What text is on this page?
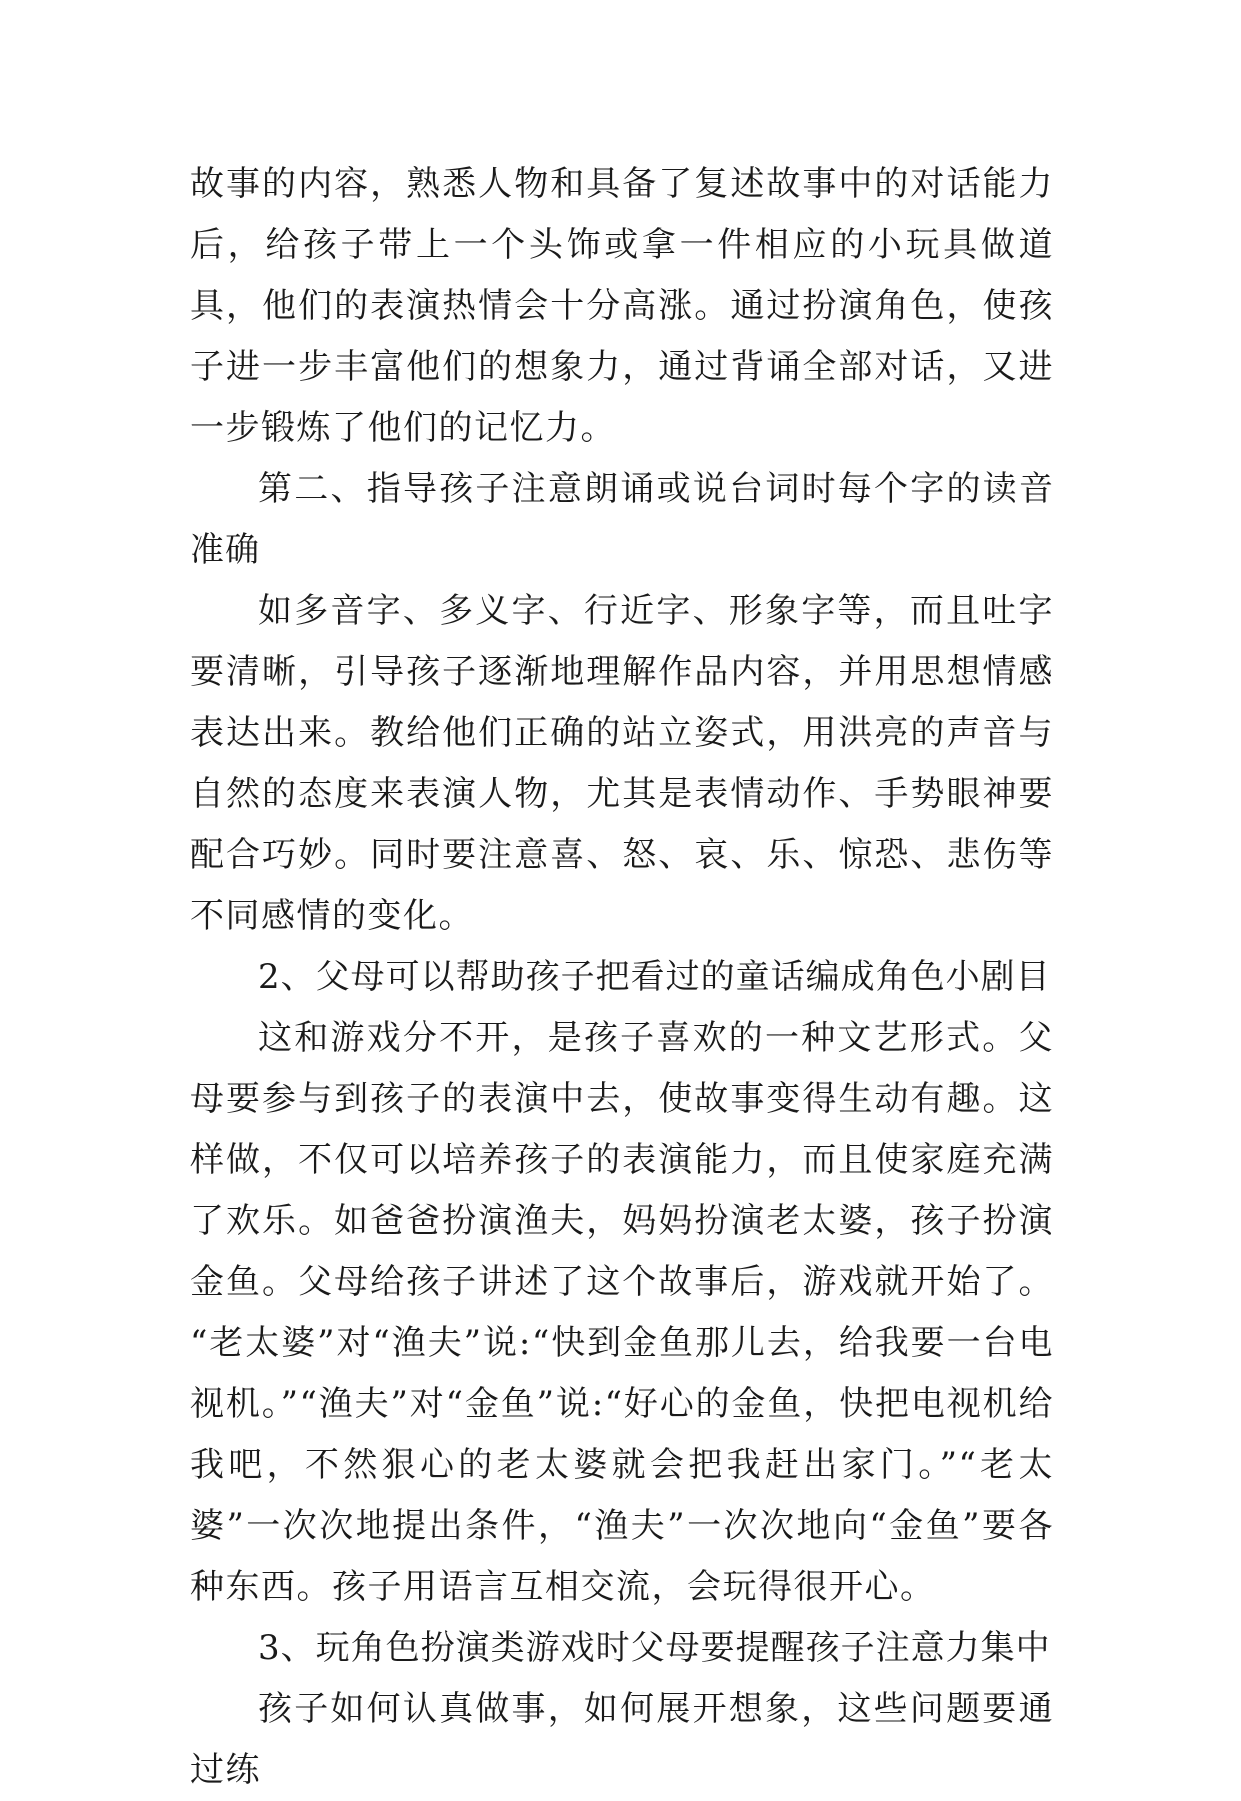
故事的内容，熟悉人物和具备了复述故事中的对话能力后，给孩子带上一个头饰或拿一件相应的小玩具做道具，他们的表演热情会十分高涨。通过扮演角色，使孩子进一步丰富他们的想象力，通过背诵全部对话，又进一步锻炼了他们的记忆力。

第二、指导孩子注意朗诵或说台词时每个字的读音准确

如多音字、多义字、行近字、形象字等，而且吐字要清晰，引导孩子逐渐地理解作品内容，并用思想情感表达出来。教给他们正确的站立姿式，用洪亮的声音与自然的态度来表演人物，尤其是表情动作、手势眼神要配合巧妙。同时要注意喜、怒、哀、乐、惊恐、悲伤等不同感情的变化。

2、父母可以帮助孩子把看过的童话编成角色小剧目

这和游戏分不开，是孩子喜欢的一种文艺形式。父母要参与到孩子的表演中去，使故事变得生动有趣。这样做，不仅可以培养孩子的表演能力，而且使家庭充满了欢乐。如爸爸扮演渔夫，妈妈扮演老太婆，孩子扮演金鱼。父母给孩子讲述了这个故事后，游戏就开始了。 “老太婆”对“渔夫”说:“快到金鱼那儿去，给我要一台电视机。”“渔夫”对“金鱼”说:“好心的金鱼，快把电视机给我吧，不然狠心的老太婆就会把我赶出家门。”“老太婆”一次次地提出条件，“渔夫”一次次地向“金鱼”要各种东西。孩子用语言互相交流，会玩得很开心。

3、玩角色扮演类游戏时父母要提醒孩子注意力集中

孩子如何认真做事，如何展开想象，这些问题要通过练
